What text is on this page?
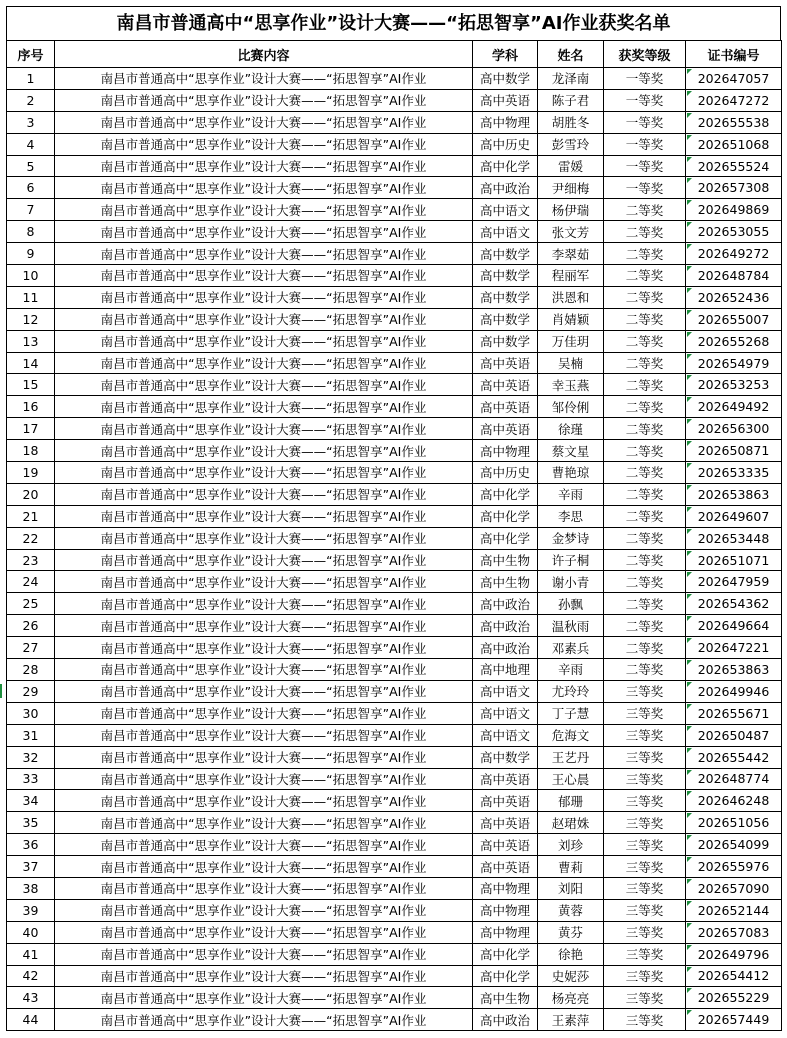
南昌市普通高中“思享作业”设计大赛——“拓思智享”AI作业获奖名单
序号	比赛内容	学科	姓名	获奖等级	证书编号
1	南昌市普通高中“思享作业”设计大赛——“拓思智享”AI作业	高中数学	龙泽南	一等奖	202647057
2	南昌市普通高中“思享作业”设计大赛——“拓思智享”AI作业	高中英语	陈子君	一等奖	202647272
3	南昌市普通高中“思享作业”设计大赛——“拓思智享”AI作业	高中物理	胡胜冬	一等奖	202655538
4	南昌市普通高中“思享作业”设计大赛——“拓思智享”AI作业	高中历史	彭雪玲	一等奖	202651068
5	南昌市普通高中“思享作业”设计大赛——“拓思智享”AI作业	高中化学	雷媛	一等奖	202655524
6	南昌市普通高中“思享作业”设计大赛——“拓思智享”AI作业	高中政治	尹细梅	一等奖	202657308
7	南昌市普通高中“思享作业”设计大赛——“拓思智享”AI作业	高中语文	杨伊瑞	二等奖	202649869
8	南昌市普通高中“思享作业”设计大赛——“拓思智享”AI作业	高中语文	张文芳	二等奖	202653055
9	南昌市普通高中“思享作业”设计大赛——“拓思智享”AI作业	高中数学	李翠茹	二等奖	202649272
10	南昌市普通高中“思享作业”设计大赛——“拓思智享”AI作业	高中数学	程丽军	二等奖	202648784
11	南昌市普通高中“思享作业”设计大赛——“拓思智享”AI作业	高中数学	洪恩和	二等奖	202652436
12	南昌市普通高中“思享作业”设计大赛——“拓思智享”AI作业	高中数学	肖婧颖	二等奖	202655007
13	南昌市普通高中“思享作业”设计大赛——“拓思智享”AI作业	高中数学	万佳玥	二等奖	202655268
14	南昌市普通高中“思享作业”设计大赛——“拓思智享”AI作业	高中英语	吴楠	二等奖	202654979
15	南昌市普通高中“思享作业”设计大赛——“拓思智享”AI作业	高中英语	幸玉燕	二等奖	202653253
16	南昌市普通高中“思享作业”设计大赛——“拓思智享”AI作业	高中英语	邹伶俐	二等奖	202649492
17	南昌市普通高中“思享作业”设计大赛——“拓思智享”AI作业	高中英语	徐瑾	二等奖	202656300
18	南昌市普通高中“思享作业”设计大赛——“拓思智享”AI作业	高中物理	蔡文星	二等奖	202650871
19	南昌市普通高中“思享作业”设计大赛——“拓思智享”AI作业	高中历史	曹艳琼	二等奖	202653335
20	南昌市普通高中“思享作业”设计大赛——“拓思智享”AI作业	高中化学	辛雨	二等奖	202653863
21	南昌市普通高中“思享作业”设计大赛——“拓思智享”AI作业	高中化学	李思	二等奖	202649607
22	南昌市普通高中“思享作业”设计大赛——“拓思智享”AI作业	高中化学	金梦诗	二等奖	202653448
23	南昌市普通高中“思享作业”设计大赛——“拓思智享”AI作业	高中生物	许子桐	二等奖	202651071
24	南昌市普通高中“思享作业”设计大赛——“拓思智享”AI作业	高中生物	谢小青	二等奖	202647959
25	南昌市普通高中“思享作业”设计大赛——“拓思智享”AI作业	高中政治	孙飘	二等奖	202654362
26	南昌市普通高中“思享作业”设计大赛——“拓思智享”AI作业	高中政治	温秋雨	二等奖	202649664
27	南昌市普通高中“思享作业”设计大赛——“拓思智享”AI作业	高中政治	邓素兵	二等奖	202647221
28	南昌市普通高中“思享作业”设计大赛——“拓思智享”AI作业	高中地理	辛雨	二等奖	202653863
29	南昌市普通高中“思享作业”设计大赛——“拓思智享”AI作业	高中语文	尤玲玲	三等奖	202649946
30	南昌市普通高中“思享作业”设计大赛——“拓思智享”AI作业	高中语文	丁子慧	三等奖	202655671
31	南昌市普通高中“思享作业”设计大赛——“拓思智享”AI作业	高中语文	危海文	三等奖	202650487
32	南昌市普通高中“思享作业”设计大赛——“拓思智享”AI作业	高中数学	王艺丹	三等奖	202655442
33	南昌市普通高中“思享作业”设计大赛——“拓思智享”AI作业	高中英语	王心晨	三等奖	202648774
34	南昌市普通高中“思享作业”设计大赛——“拓思智享”AI作业	高中英语	郁珊	三等奖	202646248
35	南昌市普通高中“思享作业”设计大赛——“拓思智享”AI作业	高中英语	赵珺姝	三等奖	202651056
36	南昌市普通高中“思享作业”设计大赛——“拓思智享”AI作业	高中英语	刘珍	三等奖	202654099
37	南昌市普通高中“思享作业”设计大赛——“拓思智享”AI作业	高中英语	曹莉	三等奖	202655976
38	南昌市普通高中“思享作业”设计大赛——“拓思智享”AI作业	高中物理	刘阳	三等奖	202657090
39	南昌市普通高中“思享作业”设计大赛——“拓思智享”AI作业	高中物理	黄蓉	三等奖	202652144
40	南昌市普通高中“思享作业”设计大赛——“拓思智享”AI作业	高中物理	黄芬	三等奖	202657083
41	南昌市普通高中“思享作业”设计大赛——“拓思智享”AI作业	高中化学	徐艳	三等奖	202649796
42	南昌市普通高中“思享作业”设计大赛——“拓思智享”AI作业	高中化学	史妮莎	三等奖	202654412
43	南昌市普通高中“思享作业”设计大赛——“拓思智享”AI作业	高中生物	杨亮亮	三等奖	202655229
44	南昌市普通高中“思享作业”设计大赛——“拓思智享”AI作业	高中政治	王素萍	三等奖	202657449
